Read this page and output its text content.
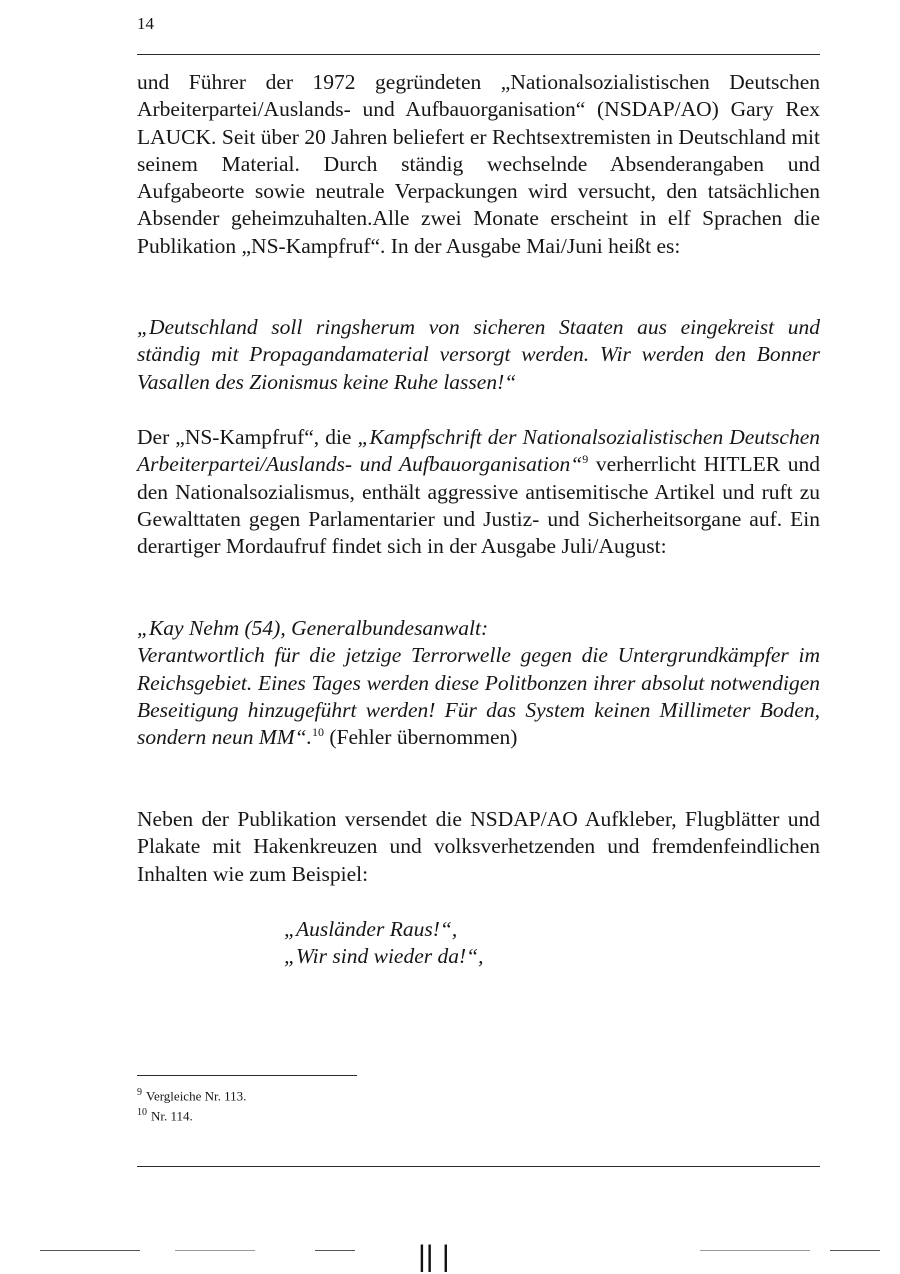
14

und Führer der 1972 gegründeten „Nationalsozialistischen Deutschen Arbeiterpartei/Auslands- und Aufbauorganisation“ (NSDAP/AO) Gary Rex LAUCK. Seit über 20 Jahren beliefert er Rechtsextremisten in Deutschland mit seinem Material. Durch ständig wechselnde Absenderangaben und Aufgabeorte sowie neutrale Verpackungen wird versucht, den tatsächlichen Absender geheimzuhalten.Alle zwei Monate erscheint in elf Sprachen die Publikation „NS-Kampfruf“. In der Ausgabe Mai/Juni heißt es:

„Deutschland soll ringsherum von sicheren Staaten aus eingekreist und ständig mit Propagandamaterial versorgt werden. Wir werden den Bonner Vasallen des Zionismus keine Ruhe lassen!“

Der „NS-Kampfruf“, die „Kampfschrift der Nationalsozialistischen Deutschen Arbeiterpartei/Auslands- und Aufbauorganisation“$^9$ verherrlicht HITLER und den Nationalsozialismus, enthält aggressive antisemitische Artikel und ruft zu Gewalttaten gegen Parlamentarier und Justiz- und Sicherheitsorgane auf. Ein derartiger Mordaufruf findet sich in der Ausgabe Juli/August:

„Kay Nehm (54), Generalbundesanwalt:
Verantwortlich für die jetzige Terrorwelle gegen die Untergrundkämpfer im Reichsgebiet. Eines Tages werden diese Politbonzen ihrer absolut notwendigen Beseitigung hinzugeführt werden! Für das System keinen Millimeter Boden, sondern neun MM“.$^{10}$ (Fehler übernommen)

Neben der Publikation versendet die NSDAP/AO Aufkleber, Flugblätter und Plakate mit Hakenkreuzen und volksverhetzenden und fremdenfeindlichen Inhalten wie zum Beispiel:

„Ausländer Raus!“,
„Wir sind wieder da!“,
$^9$ Vergleiche Nr. 113.
$^{10}$ Nr. 114.
|| |
